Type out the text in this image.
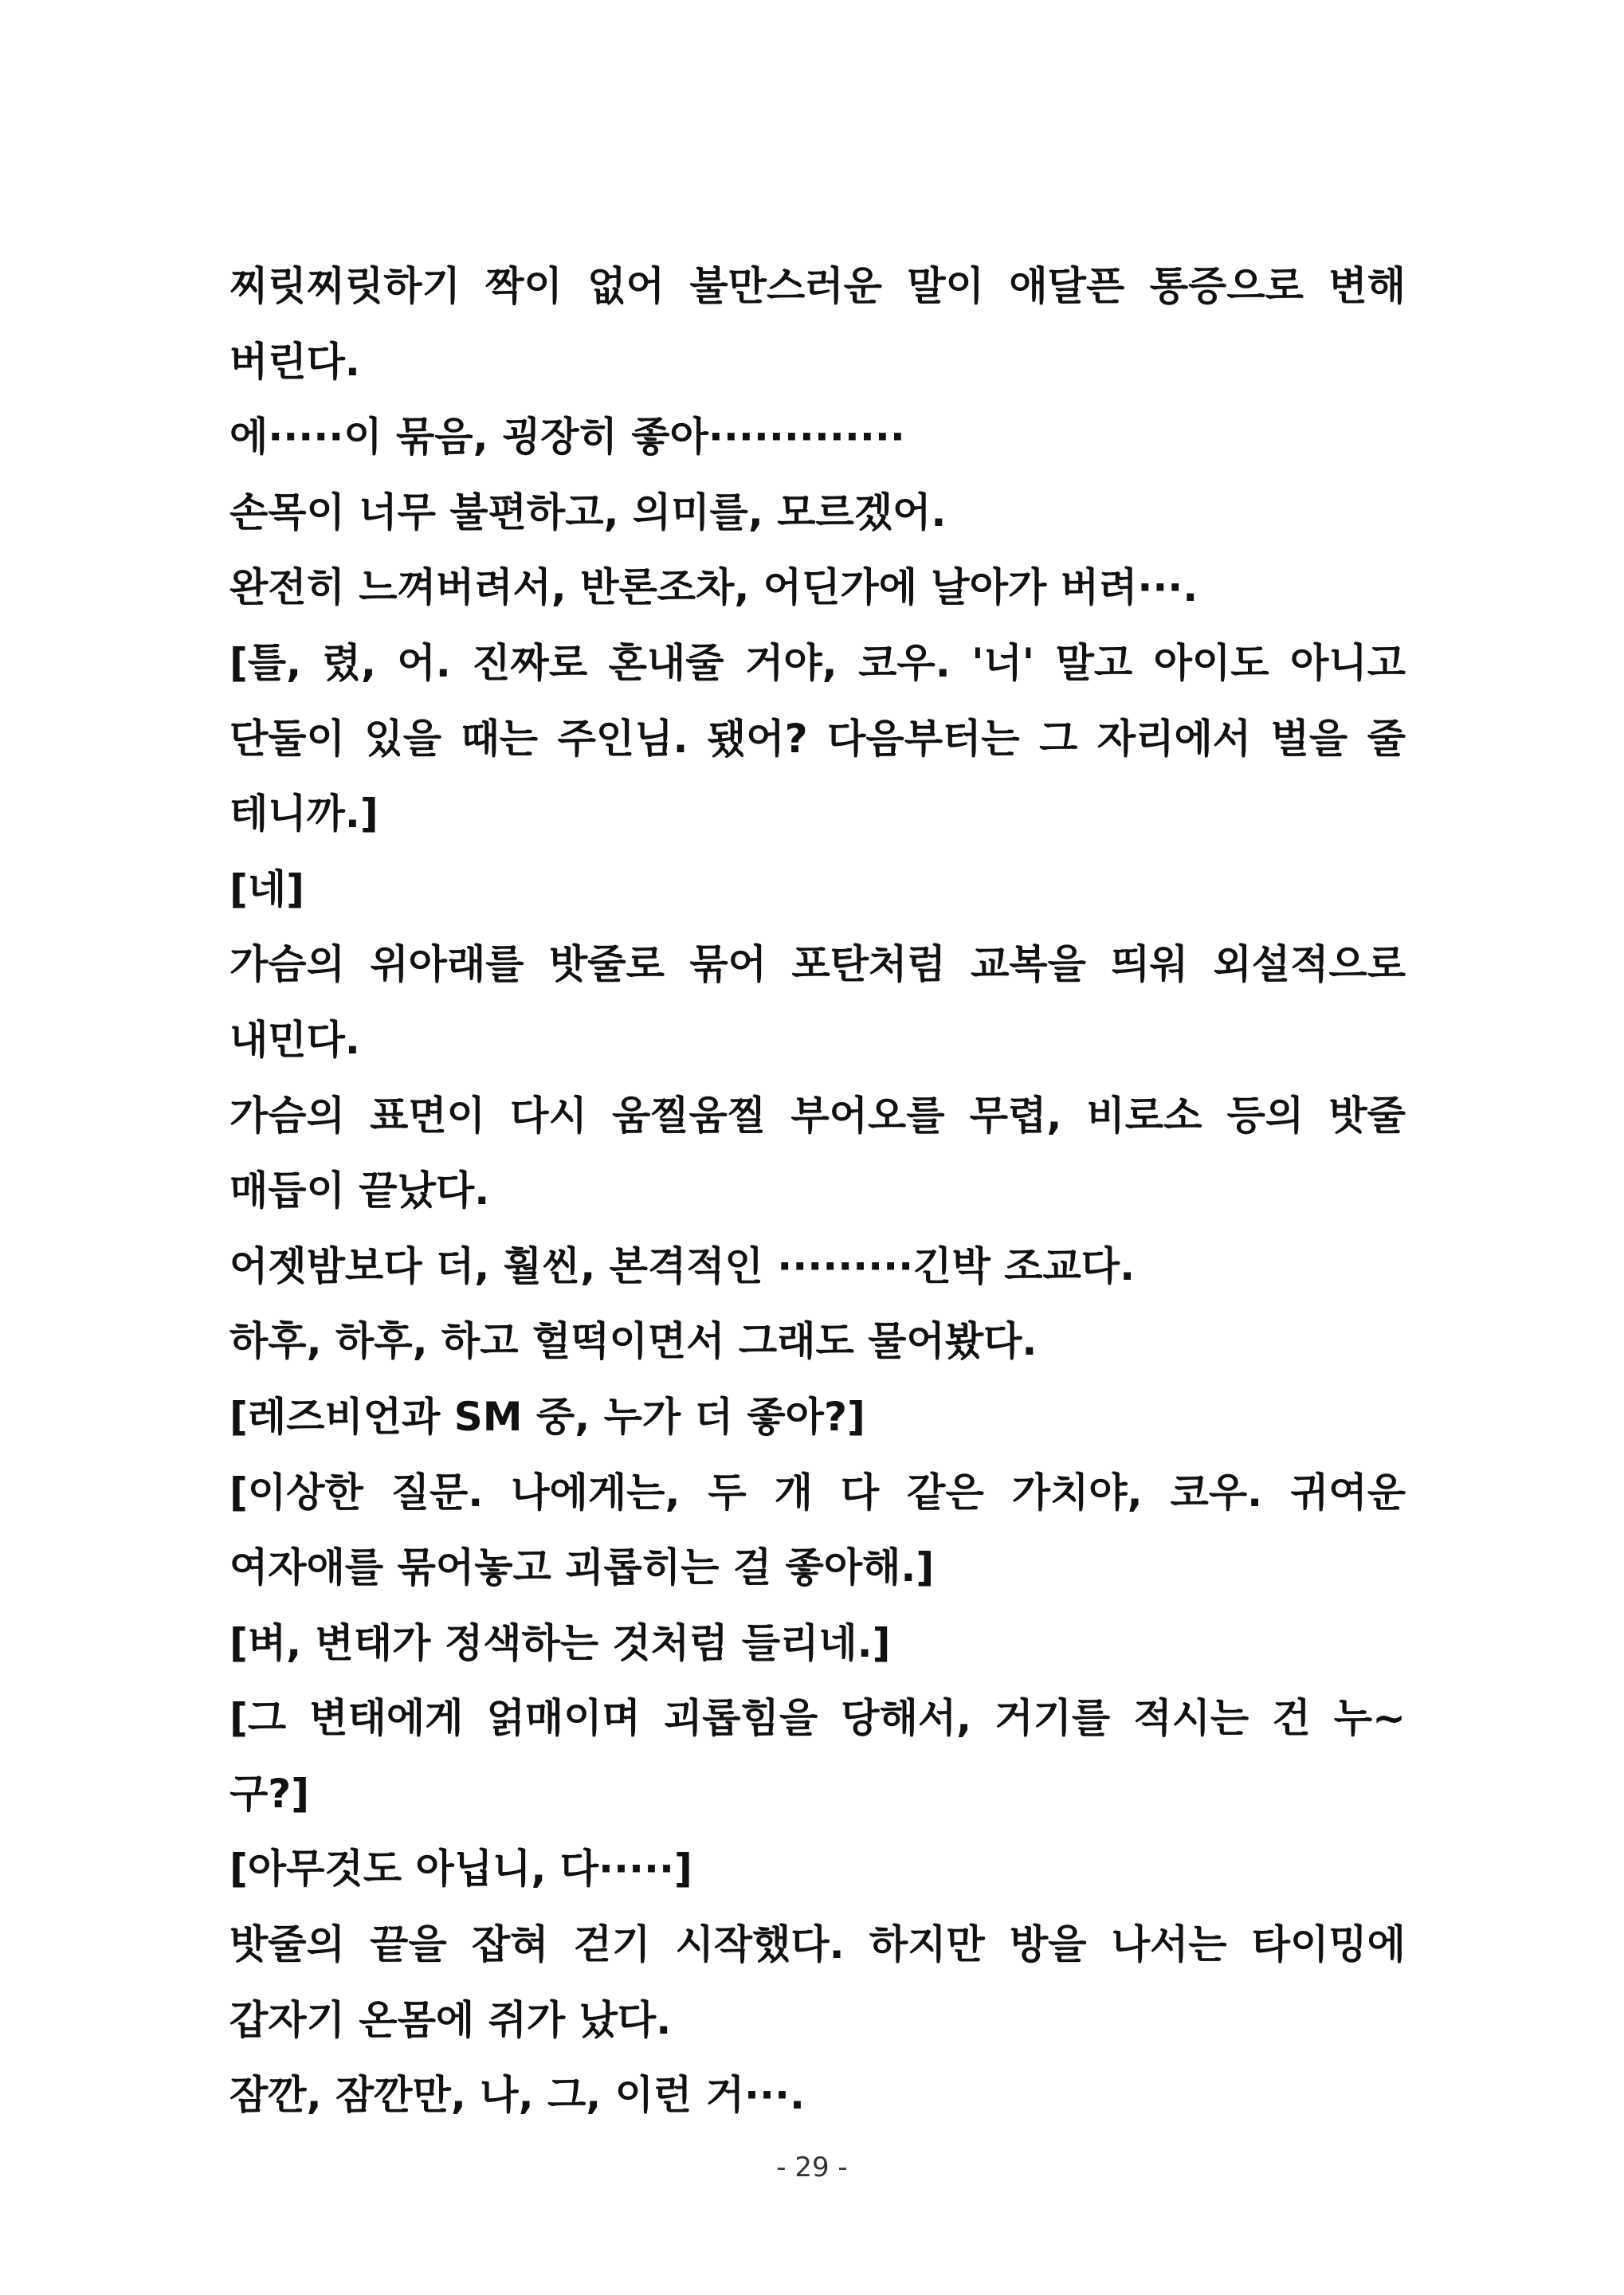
찌릿찌릿하기 짝이 없어 불만스러운 말이 애달픈 통증으로 변해 버린다.

에·····이 묶음, 굉장히 좋아·············

손목이 너무 불편하고, 의미를, 모르겠어.

완전히 느껴버려서, 반론조차, 어딘가에 날아가 버려···.

[틀, 렸, 어. 진짜로 혼내줄 거야, 코우. '너' 말고 아이도 아니고 단둘이 있을 때는 주인님. 됐어? 다음부터는 그 자리에서 벌을 줄 테니까.]

[네]

가슴의 위아래를 밧줄로 묶어 포탄처럼 교복을 띄워 외설적으로 내민다.

가슴의 표면이 다시 움찔움찔 부어오를 무렵, 비로소 등의 밧줄 매듭이 끝났다.

어젯밤보다 더, 훨씬, 본격적인 ·········긴박 조교다.

하후, 하후, 하고 헐떡이면서 그래도 물어봤다.

[레즈비언과 SM 중, 누가 더 좋아?]

[이상한 질문. 나에게는, 두 개 다 같은 가치야, 코우. 귀여운 여자애를 묶어놓고 괴롭히는 걸 좋아해.]

[벼, 변태가 정색하는 것처럼 들리네.]

[그 변태에게 얽매이며 괴롭힘을 당해서, 거기를 적시는 건 누~구?]

[아무것도 아닙니, 다·····]

밧줄의 끝을 잡혀 걷기 시작했다. 하지만 방을 나서는 타이밍에 갑자기 온몸에 쥐가 났다.

잠깐, 잠깐만, 나, 그, 이런 거···.

- 29 -
